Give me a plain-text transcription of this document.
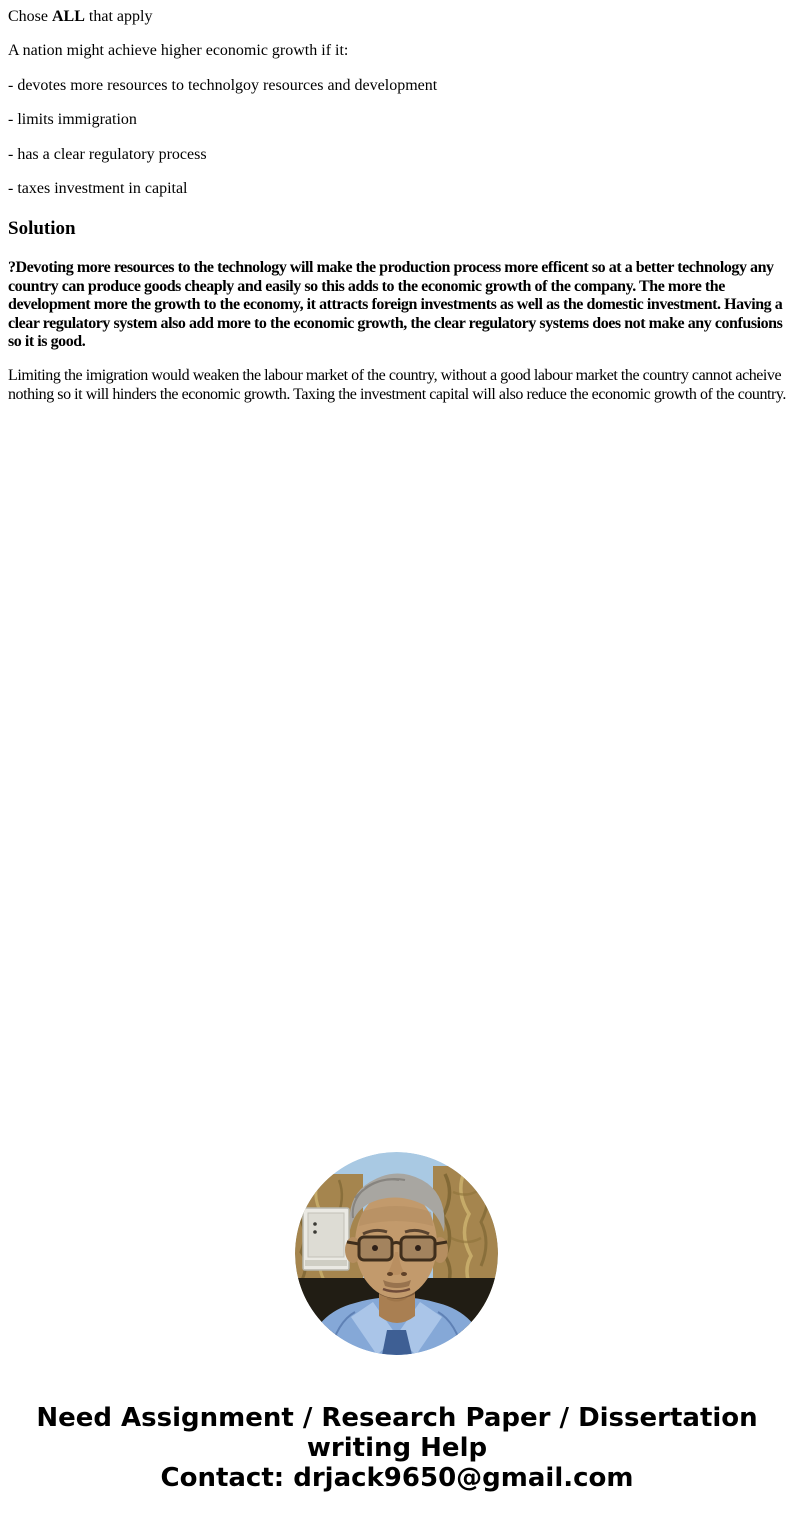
Chose ALL that apply

A nation might achieve higher economic growth if it:

- devotes more resources to technolgoy resources and development

- limits immigration

- has a clear regulatory process

- taxes investment in capital

Solution

?Devoting more resources to the technology will make the production process more efficent so at a better technology any country can produce goods cheaply and easily so this adds to the economic growth of the company. The more the development more the growth to the economy, it attracts foreign investments as well as the domestic investment. Having a clear regulatory system also add more to the economic growth, the clear regulatory systems does not make any confusions so it is good.

Limiting the imigration would weaken the labour market of the country, without a good labour market the country cannot acheive nothing so it will hinders the economic growth. Taxing the investment capital will also reduce the economic growth of the country.

Need Assignment / Research Paper / Dissertation writing Help
Contact: drjack9650@gmail.com
